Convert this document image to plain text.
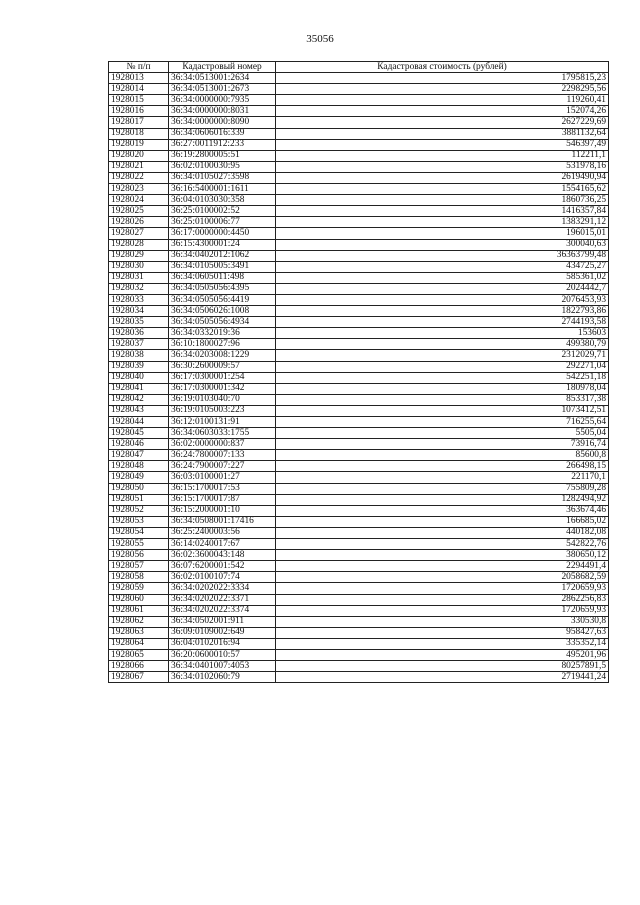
35056
№ п/п	Кадастровый номер	Кадастровая стоимость (рублей)
1928013	36:34:0513001:2634	1795815,23
1928014	36:34:0513001:2673	2298295,56
1928015	36:34:0000000:7935	119260,41
1928016	36:34:0000000:8031	152074,26
1928017	36:34:0000000:8090	2627229,69
1928018	36:34:0606016:339	3881132,64
1928019	36:27:0011912:233	546397,49
1928020	36:19:2800005:51	112211,1
1928021	36:02:0100030:95	531978,16
1928022	36:34:0105027:3598	2619490,94
1928023	36:16:5400001:1611	1554165,62
1928024	36:04:0103030:358	1860736,25
1928025	36:25:0100002:52	1416357,84
1928026	36:25:0100006:77	1383291,12
1928027	36:17:0000000:4450	196015,01
1928028	36:15:4300001:24	300040,63
1928029	36:34:0402012:1062	36363799,48
1928030	36:34:0105005:3491	434725,27
1928031	36:34:0605011:498	585361,02
1928032	36:34:0505056:4395	2024442,7
1928033	36:34:0505056:4419	2076453,93
1928034	36:34:0506026:1008	1822793,86
1928035	36:34:0505056:4934	2744193,58
1928036	36:34:0332019:36	153603
1928037	36:10:1800027:96	499380,79
1928038	36:34:0203008:1229	2312029,71
1928039	36:30:2600009:57	292271,04
1928040	36:17:0300001:254	542251,18
1928041	36:17:0300001:342	180978,04
1928042	36:19:0103040:70	853317,38
1928043	36:19:0105003:223	1073412,51
1928044	36:12:0100131:91	716255,64
1928045	36:34:0603033:1755	5505,04
1928046	36:02:0000000:837	73916,74
1928047	36:24:7800007:133	85600,8
1928048	36:24:7900007:227	266498,15
1928049	36:03:0100001:27	221170,1
1928050	36:15:1700017:53	755809,28
1928051	36:15:1700017:87	1282494,92
1928052	36:15:2000001:10	363674,46
1928053	36:34:0508001:17416	166685,02
1928054	36:25:2400003:56	440182,08
1928055	36:14:0240017:67	542822,76
1928056	36:02:3600043:148	380650,12
1928057	36:07:6200001:542	2294491,4
1928058	36:02:0100107:74	2058682,59
1928059	36:34:0202022:3334	1720659,93
1928060	36:34:0202022:3371	2862256,83
1928061	36:34:0202022:3374	1720659,93
1928062	36:34:0502001:911	330530,8
1928063	36:09:0109002:649	958427,63
1928064	36:04:0102016:94	335352,14
1928065	36:20:0600010:57	495201,96
1928066	36:34:0401007:4053	80257891,5
1928067	36:34:0102060:79	2719441,24
